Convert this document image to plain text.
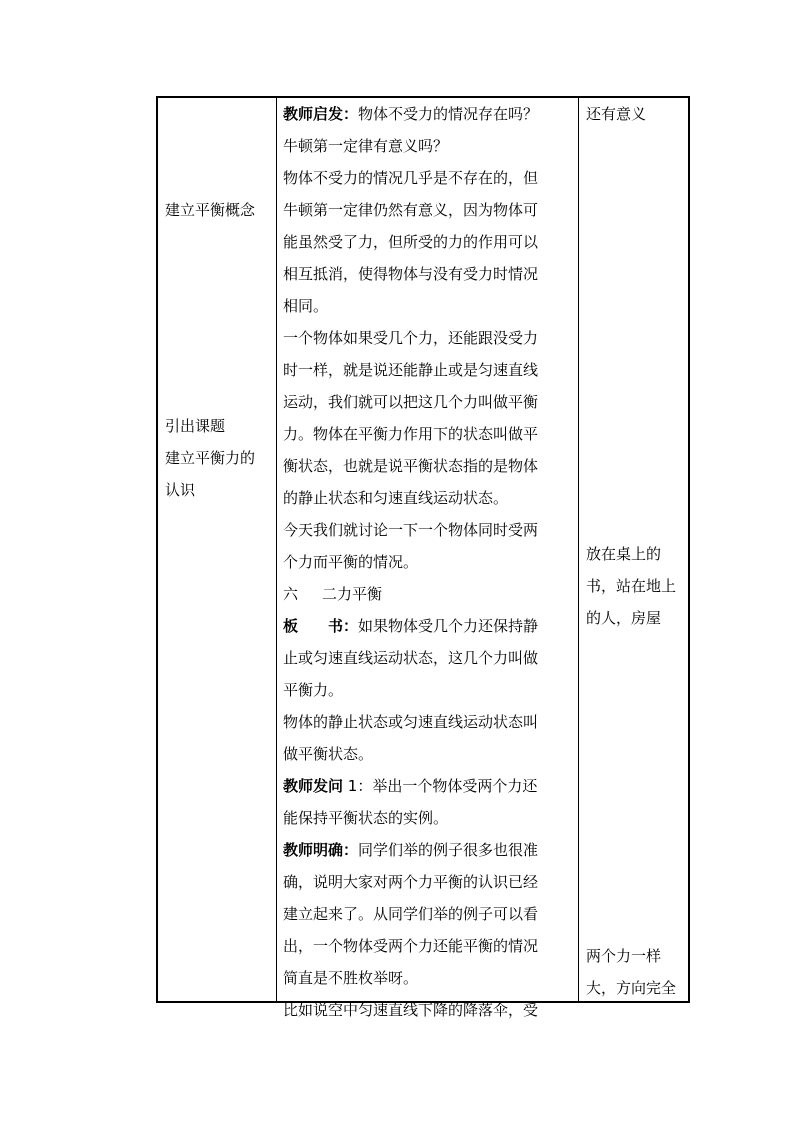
建立平衡概念
引出课题
建立平衡力的
认识
教师启发：物体不受力的情况存在吗？
牛顿第一定律有意义吗？
物体不受力的情况几乎是不存在的，但
牛顿第一定律仍然有意义，因为物体可
能虽然受了力，但所受的力的作用可以
相互抵消，使得物体与没有受力时情况
相同。
一个物体如果受几个力，还能跟没受力
时一样，就是说还能静止或是匀速直线
运动，我们就可以把这几个力叫做平衡
力。物体在平衡力作用下的状态叫做平
衡状态，也就是说平衡状态指的是物体
的静止状态和匀速直线运动状态。
今天我们就讨论一下一个物体同时受两
个力而平衡的情况。
六 二力平衡
板　　书：如果物体受几个力还保持静
止或匀速直线运动状态，这几个力叫做
平衡力。
物体的静止状态或匀速直线运动状态叫
做平衡状态。
教师发问 1：举出一个物体受两个力还
能保持平衡状态的实例。
教师明确：同学们举的例子很多也很准
确，说明大家对两个力平衡的认识已经
建立起来了。从同学们举的例子可以看
出，一个物体受两个力还能平衡的情况
简直是不胜枚举呀。
比如说空中匀速直线下降的降落伞，受
还有意义
放在桌上的
书，站在地上
的人，房屋
两个力一样
大，方向完全
